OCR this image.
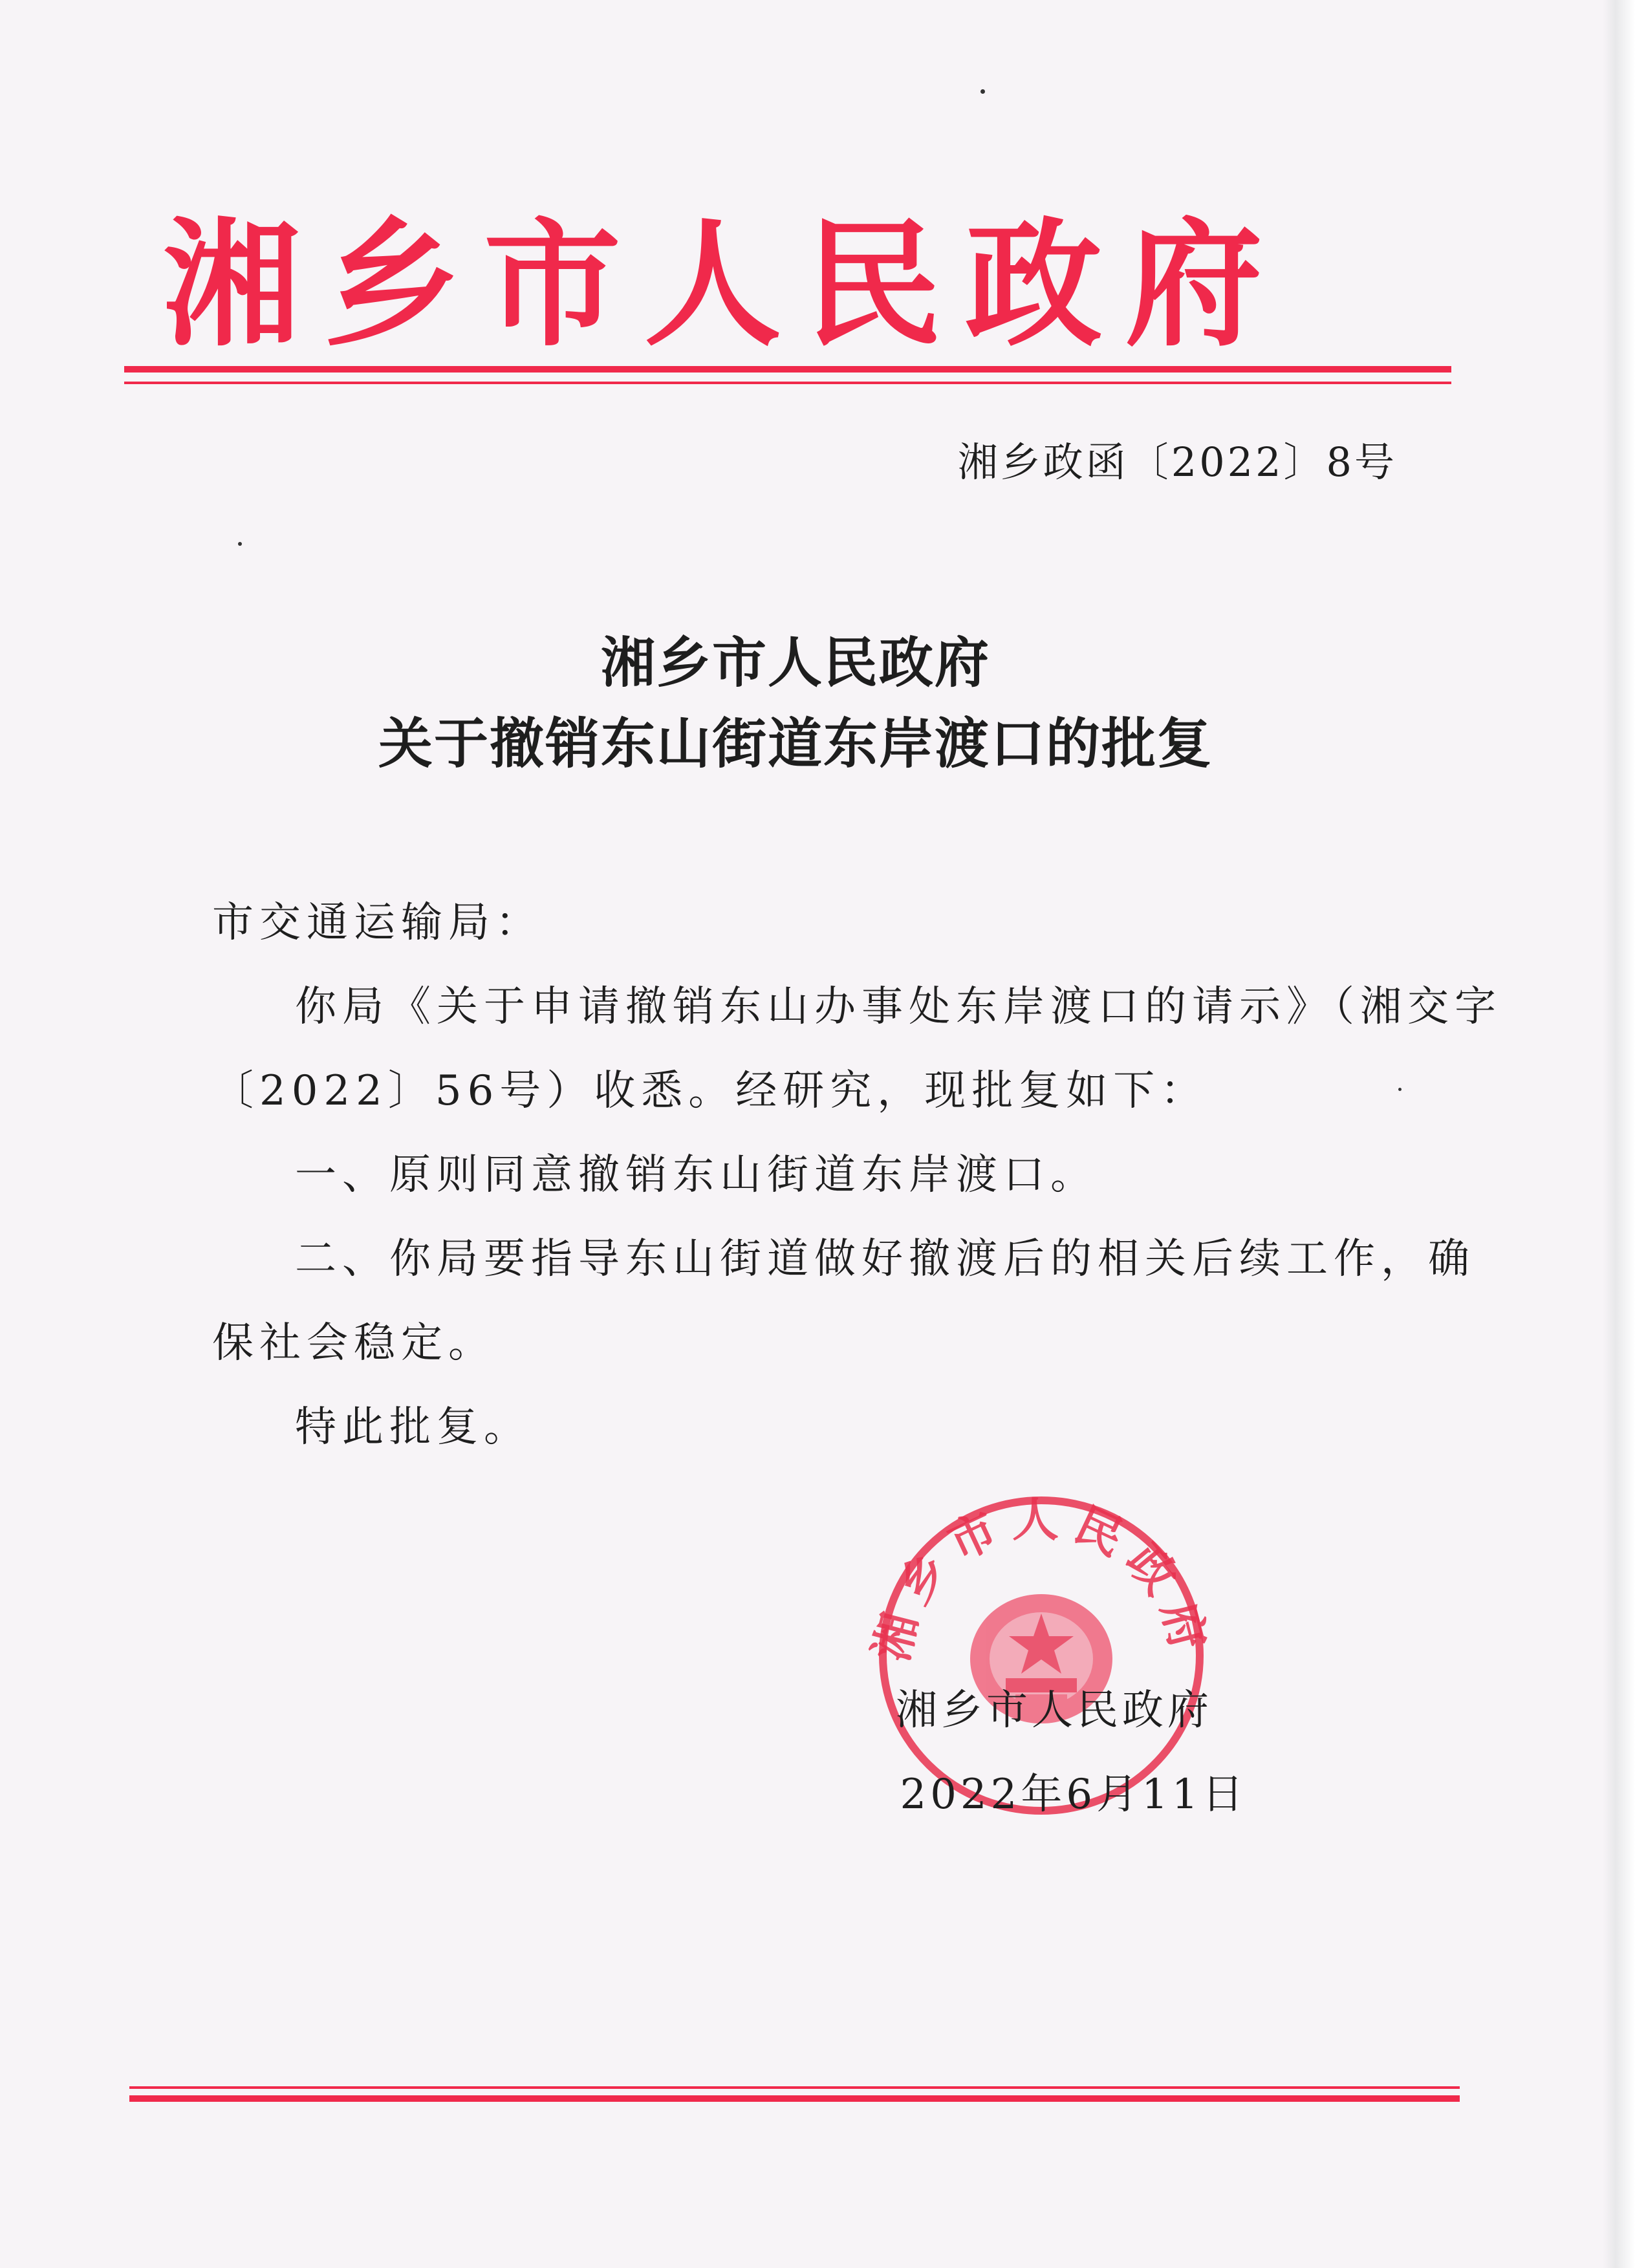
湘乡市人民政府
湘乡政函〔2022〕8号
湘乡市人民政府
关于撤销东山街道东岸渡口的批复

市交通运输局：

你局《关于申请撤销东山办事处东岸渡口的请示》（湘交字

〔2022〕56号）收悉。经研究，现批复如下：

一、原则同意撤销东山街道东岸渡口。

二、你局要指导东山街道做好撤渡后的相关后续工作，确

保社会稳定。

特此批复。

湘乡市人民政府
湘乡市人民政府
2022年6月11日
